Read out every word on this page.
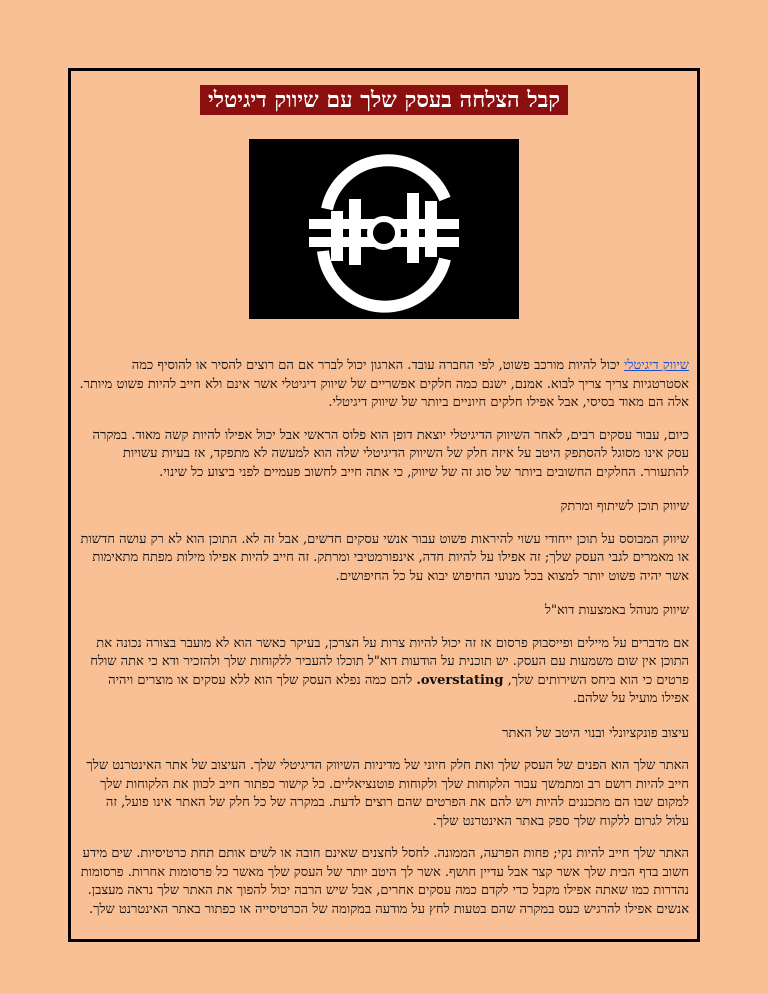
קבל הצלחה בעסק שלך עם שיווק דיגיטלי

שיווק דיגיטלי יכול להיות מורכב פשוט, לפי החברה עובד. הארגון יכול לברר אם הם רוצים להסיר או להוסיף כמה אסטרטגיות צריך צריך לבוא. אמנם, ישנם כמה חלקים אפשריים של שיווק דיגיטלי אשר אינם ולא חייב להיות פשוט מיותר. אלה הם מאוד בסיסי, אבל אפילו חלקים חיוניים ביותר של שיווק דיגיטלי.

כיום, עבור עסקים רבים, לאחר השיווק הדיגיטלי יוצאת דופן הוא פלוס הראשי אבל יכול אפילו להיות קשה מאוד. במקרה עסק אינו מסוגל להסתפק היטב על איזה חלק של השיווק הדיגיטלי שלה הוא למעשה לא מתפקד, אז בעיות עשויות להתעורר. החלקים החשובים ביותר של סוג זה של שיווק, כי אתה חייב לחשוב פעמיים לפני ביצוע כל שינוי.

שיווק תוכן לשיתוף ומרתק

שיווק המבוסס על תוכן ייחודי עשוי להיראות פשוט עבור אנשי עסקים חדשים, אבל זה לא. התוכן הוא לא רק עושה חדשות או מאמרים לגבי העסק שלך; זה אפילו על להיות חדה, אינפורמטיבי ומרתק. זה חייב להיות אפילו מילות מפתח מתאימות אשר יהיה פשוט יותר למצוא בכל מנועי החיפוש יבוא על כל החיפושים.

שיווק מנוהל באמצעות דוא"ל

אם מדברים על מיילים ופייסבוק פרסום אז זה יכול להיות צרות על הצרכן, בעיקר כאשר הוא לא מועבר בצורה נכונה את התוכן אין שום משמעות עם העסק. יש תוכנית על הודעות דוא"ל תוכלו להעביר ללקוחות שלך ולהזכיר ודא כי אתה שולח פרטים כי הוא ביחס השירותים שלך, overstating. להם כמה נפלא העסק שלך הוא ללא עסקים או מוצרים ויהיה אפילו מועיל על שלהם.

עיצוב פונקציונלי ובנוי היטב של האתר

האתר שלך הוא הפנים של העסק שלך ואת חלק חיוני של מדיניות השיווק הדיגיטלי שלך. העיצוב של אתר האינטרנט שלך חייב להיות רושם רב ומתמשך עבור הלקוחות שלך ולקוחות פוטנציאליים. כל קישור כפתור חייב לכוון את הלקוחות שלך למקום שבו הם מתכננים להיות ויש להם את הפרטים שהם רוצים לדעת. במקרה של כל חלק של האתר אינו פועל, זה עלול לגרום ללקוח שלך ספק באתר האינטרנט שלך.

האתר שלך חייב להיות נקי; פחות הפרעה, הממונה. לחסל לחצנים שאינם חובה או לשים אותם תחת כרטיסיות. שים מידע חשוב בדף הבית שלך אשר קצר אבל עדיין חושף. אשר לך היטב יותר של העסק שלך מאשר כל פרסומות אחרות. פרסומות נהדרות כמו שאתה אפילו מקבל כדי לקדם כמה עסקים אחרים, אבל שיש הרבה יכול להפוך את האתר שלך נראה מעצבן. אנשים אפילו להרגיש כעס במקרה שהם בטעות לחץ על מודעה במקומה של הכרטיסייה או כפתור באתר האינטרנט שלך.
